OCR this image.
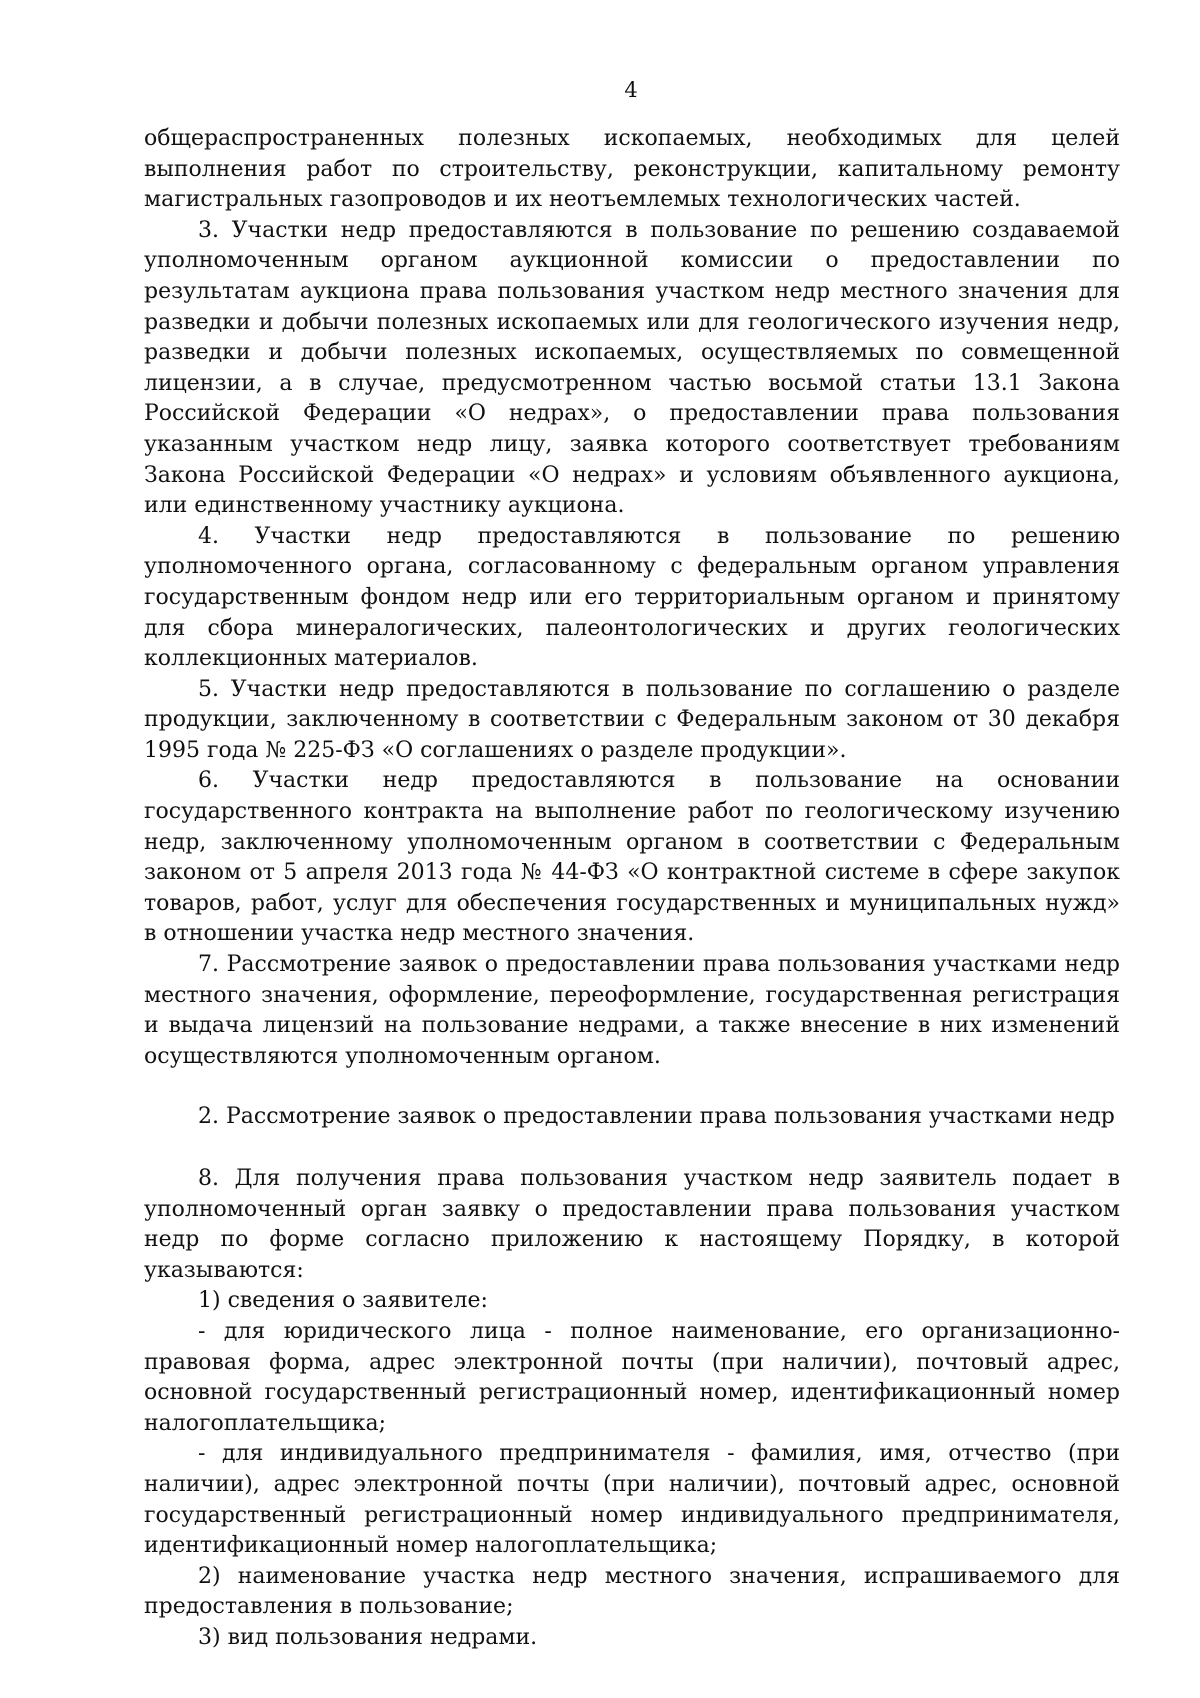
4

общераспространенных полезных ископаемых, необходимых для целей выполнения работ по строительству, реконструкции, капитальному ремонту магистральных газопроводов и их неотъемлемых технологических частей.

3. Участки недр предоставляются в пользование по решению создаваемой уполномоченным органом аукционной комиссии о предоставлении по результатам аукциона права пользования участком недр местного значения для разведки и добычи полезных ископаемых или для геологического изучения недр, разведки и добычи полезных ископаемых, осуществляемых по совмещенной лицензии, а в случае, предусмотренном частью восьмой статьи 13.1 Закона Российской Федерации «О недрах», о предоставлении права пользования указанным участком недр лицу, заявка которого соответствует требованиям Закона Российской Федерации «О недрах» и условиям объявленного аукциона, или единственному участнику аукциона.

4. Участки недр предоставляются в пользование по решению уполномоченного органа, согласованному с федеральным органом управления государственным фондом недр или его территориальным органом и принятому для сбора минералогических, палеонтологических и других геологических коллекционных материалов.

5. Участки недр предоставляются в пользование по соглашению о разделе продукции, заключенному в соответствии с Федеральным законом от 30 декабря 1995 года № 225-ФЗ «О соглашениях о разделе продукции».

6. Участки недр предоставляются в пользование на основании государственного контракта на выполнение работ по геологическому изучению недр, заключенному уполномоченным органом в соответствии с Федеральным законом от 5 апреля 2013 года № 44-ФЗ «О контрактной системе в сфере закупок товаров, работ, услуг для обеспечения государственных и муниципальных нужд» в отношении участка недр местного значения.

7. Рассмотрение заявок о предоставлении права пользования участками недр местного значения, оформление, переоформление, государственная регистрация и выдача лицензий на пользование недрами, а также внесение в них изменений осуществляются уполномоченным органом.

2. Рассмотрение заявок о предоставлении права пользования участками недр

8. Для получения права пользования участком недр заявитель подает в уполномоченный орган заявку о предоставлении права пользования участком недр по форме согласно приложению к настоящему Порядку, в которой указываются:

1) сведения о заявителе:

- для юридического лица - полное наименование, его организационно-правовая форма, адрес электронной почты (при наличии), почтовый адрес, основной государственный регистрационный номер, идентификационный номер налогоплательщика;

- для индивидуального предпринимателя - фамилия, имя, отчество (при наличии), адрес электронной почты (при наличии), почтовый адрес, основной государственный регистрационный номер индивидуального предпринимателя, идентификационный номер налогоплательщика;

2) наименование участка недр местного значения, испрашиваемого для предоставления в пользование;

3) вид пользования недрами.
